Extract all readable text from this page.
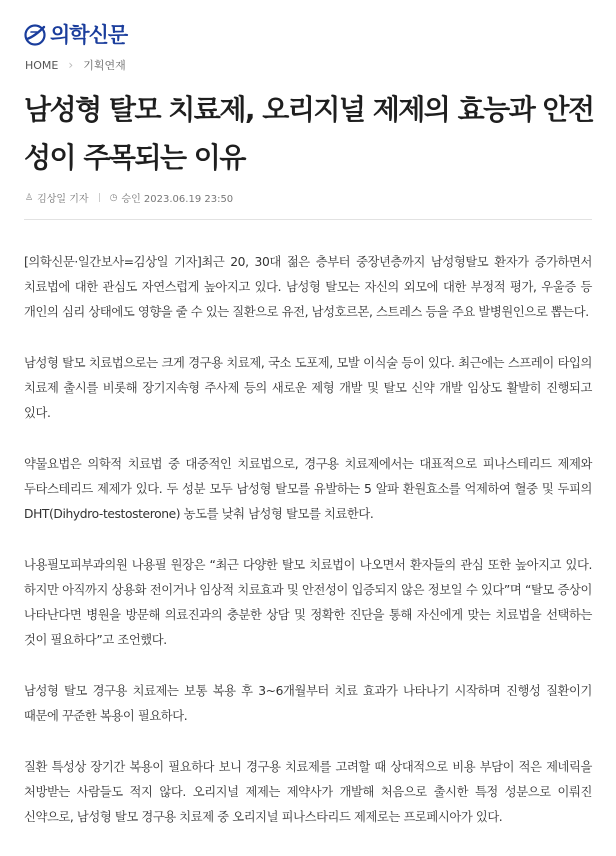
의학신문
HOME › 기획연재
남성형 탈모 치료제, 오리지널 제제의 효능과 안전성이 주목되는 이유
♙ 김상일 기자 ◷ 승인 2023.06.19 23:50

[의학신문·일간보사=김상일 기자]최근 20, 30대 젊은 층부터 중장년층까지 남성형탈모 환자가 증가하면서 치료법에 대한 관심도 자연스럽게 높아지고 있다. 남성형 탈모는 자신의 외모에 대한 부정적 평가, 우울증 등 개인의 심리 상태에도 영향을 줄 수 있는 질환으로 유전, 남성호르몬, 스트레스 등을 주요 발병원인으로 뽑는다.

남성형 탈모 치료법으로는 크게 경구용 치료제, 국소 도포제, 모발 이식술 등이 있다. 최근에는 스프레이 타입의 치료제 출시를 비롯해 장기지속형 주사제 등의 새로운 제형 개발 및 탈모 신약 개발 임상도 활발히 진행되고 있다.

약물요법은 의학적 치료법 중 대중적인 치료법으로, 경구용 치료제에서는 대표적으로 피나스테리드 제제와 두타스테리드 제제가 있다. 두 성분 모두 남성형 탈모를 유발하는 5 알파 환원효소를 억제하여 혈중 및 두피의 DHT(Dihydro-testosterone) 농도를 낮춰 남성형 탈모를 치료한다.

나용필모피부과의원 나용필 원장은 “최근 다양한 탈모 치료법이 나오면서 환자들의 관심 또한 높아지고 있다. 하지만 아직까지 상용화 전이거나 임상적 치료효과 및 안전성이 입증되지 않은 정보일 수 있다”며 “탈모 증상이 나타난다면 병원을 방문해 의료진과의 충분한 상담 및 정확한 진단을 통해 자신에게 맞는 치료법을 선택하는 것이 필요하다”고 조언했다.

남성형 탈모 경구용 치료제는 보통 복용 후 3~6개월부터 치료 효과가 나타나기 시작하며 진행성 질환이기 때문에 꾸준한 복용이 필요하다.

질환 특성상 장기간 복용이 필요하다 보니 경구용 치료제를 고려할 때 상대적으로 비용 부담이 적은 제네릭을 처방받는 사람들도 적지 않다. 오리지널 제제는 제약사가 개발해 처음으로 출시한 특정 성분으로 이뤄진 신약으로, 남성형 탈모 경구용 치료제 중 오리지널 피나스타리드 제제로는 프로페시아가 있다.
